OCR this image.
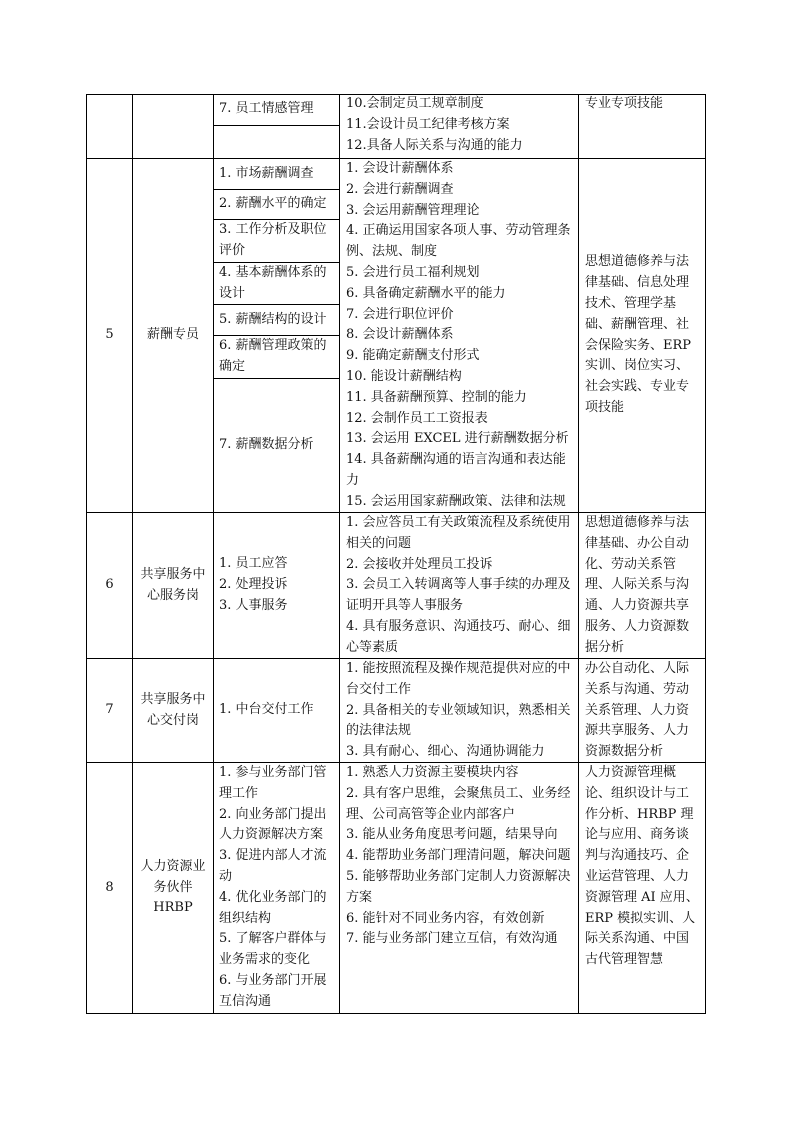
7. 员工情感管理	10.会制定员工规章制度
11.会设计员工纪律考核方案
12.具备人际关系与沟通的能力
专业专项技能
5	薪酬专员
1. 市场薪酬调查
2. 薪酬水平的确定
3. 工作分析及职位评价
4. 基本薪酬体系的设计
5. 薪酬结构的设计
6. 薪酬管理政策的确定
7. 薪酬数据分析
1. 会设计薪酬体系
2. 会进行薪酬调查
3. 会运用薪酬管理理论
4. 正确运用国家各项人事、劳动管理条例、法规、制度
5. 会进行员工福利规划
6. 具备确定薪酬水平的能力
7. 会进行职位评价
8. 会设计薪酬体系
9. 能确定薪酬支付形式
10. 能设计薪酬结构
11. 具备薪酬预算、控制的能力
12. 会制作员工工资报表
13. 会运用 EXCEL 进行薪酬数据分析
14. 具备薪酬沟通的语言沟通和表达能力
15. 会运用国家薪酬政策、法律和法规
思想道德修养与法律基础、信息处理技术、管理学基础、薪酬管理、社会保险实务、ERP 实训、岗位实习、社会实践、专业专项技能
6
共享服务中心服务岗
1. 员工应答
2. 处理投诉
3. 人事服务
1. 会应答员工有关政策流程及系统使用相关的问题
2. 会接收并处理员工投诉
3. 会员工入转调离等人事手续的办理及证明开具等人事服务
4. 具有服务意识、沟通技巧、耐心、细心等素质
思想道德修养与法律基础、办公自动化、劳动关系管理、人际关系与沟通、人力资源共享服务、人力资源数据分析
7
共享服务中心交付岗
1. 中台交付工作
1. 能按照流程及操作规范提供对应的中台交付工作
2. 具备相关的专业领域知识，熟悉相关的法律法规
3. 具有耐心、细心、沟通协调能力
办公自动化、人际关系与沟通、劳动关系管理、人力资源共享服务、人力资源数据分析
8
人力资源业务伙伴 HRBP
1. 参与业务部门管理工作
2. 向业务部门提出人力资源解决方案
3. 促进内部人才流动
4. 优化业务部门的组织结构
5. 了解客户群体与业务需求的变化
6. 与业务部门开展互信沟通
1. 熟悉人力资源主要模块内容
2. 具有客户思维，会聚焦员工、业务经理、公司高管等企业内部客户
3. 能从业务角度思考问题，结果导向
4. 能帮助业务部门理清问题，解决问题
5. 能够帮助业务部门定制人力资源解决方案
6. 能针对不同业务内容，有效创新
7. 能与业务部门建立互信，有效沟通
人力资源管理概论、组织设计与工作分析、HRBP 理论与应用、商务谈判与沟通技巧、企业运营管理、人力资源管理 AI 应用、ERP 模拟实训、人际关系沟通、中国古代管理智慧
